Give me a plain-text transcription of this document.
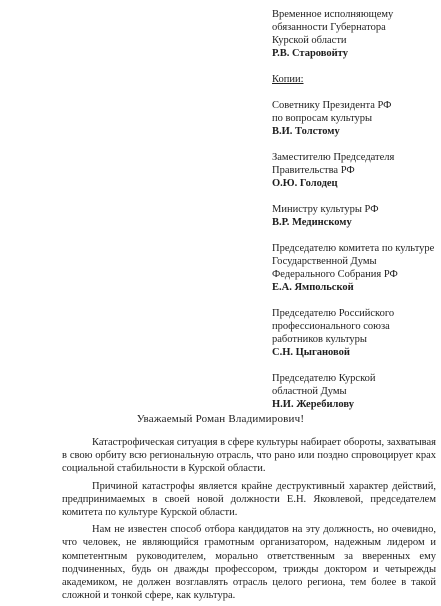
Временное исполняющему
обязанности Губернатора
Курской области
Р.В. Старовойту
Копии:
Советнику Президента РФ
по вопросам культуры
В.И. Толстому
Заместителю Председателя
Правительства РФ
О.Ю. Голодец
Министру культуры РФ
В.Р. Мединскому
Председателю комитета по культуре
Государственной Думы
Федерального Собрания РФ
Е.А. Ямпольской
Председателю Российского
профессионального союза
работников культуры
С.Н. Цыгановой
Председателю Курской
областной Думы
Н.И. Жеребилову
Уважаемый Роман Владимирович!

Катастрофическая ситуация в сфере культуры набирает обороты, захватывая в свою орбиту всю региональную отрасль, что рано или поздно спровоцирует крах социальной стабильности в Курской области.

Причиной катастрофы является крайне деструктивный характер действий, предпринимаемых в своей новой должности Е.Н. Яковлевой, председателем комитета по культуре Курской области.

Нам не известен способ отбора кандидатов на эту должность, но очевидно, что человек, не являющийся грамотным организатором, надежным лидером и компетентным руководителем, морально ответственным за вверенных ему подчиненных, будь он дважды профессором, трижды доктором и четырежды академиком, не должен возглавлять отрасль целого региона, тем более в такой сложной и тонкой сфере, как культура.
